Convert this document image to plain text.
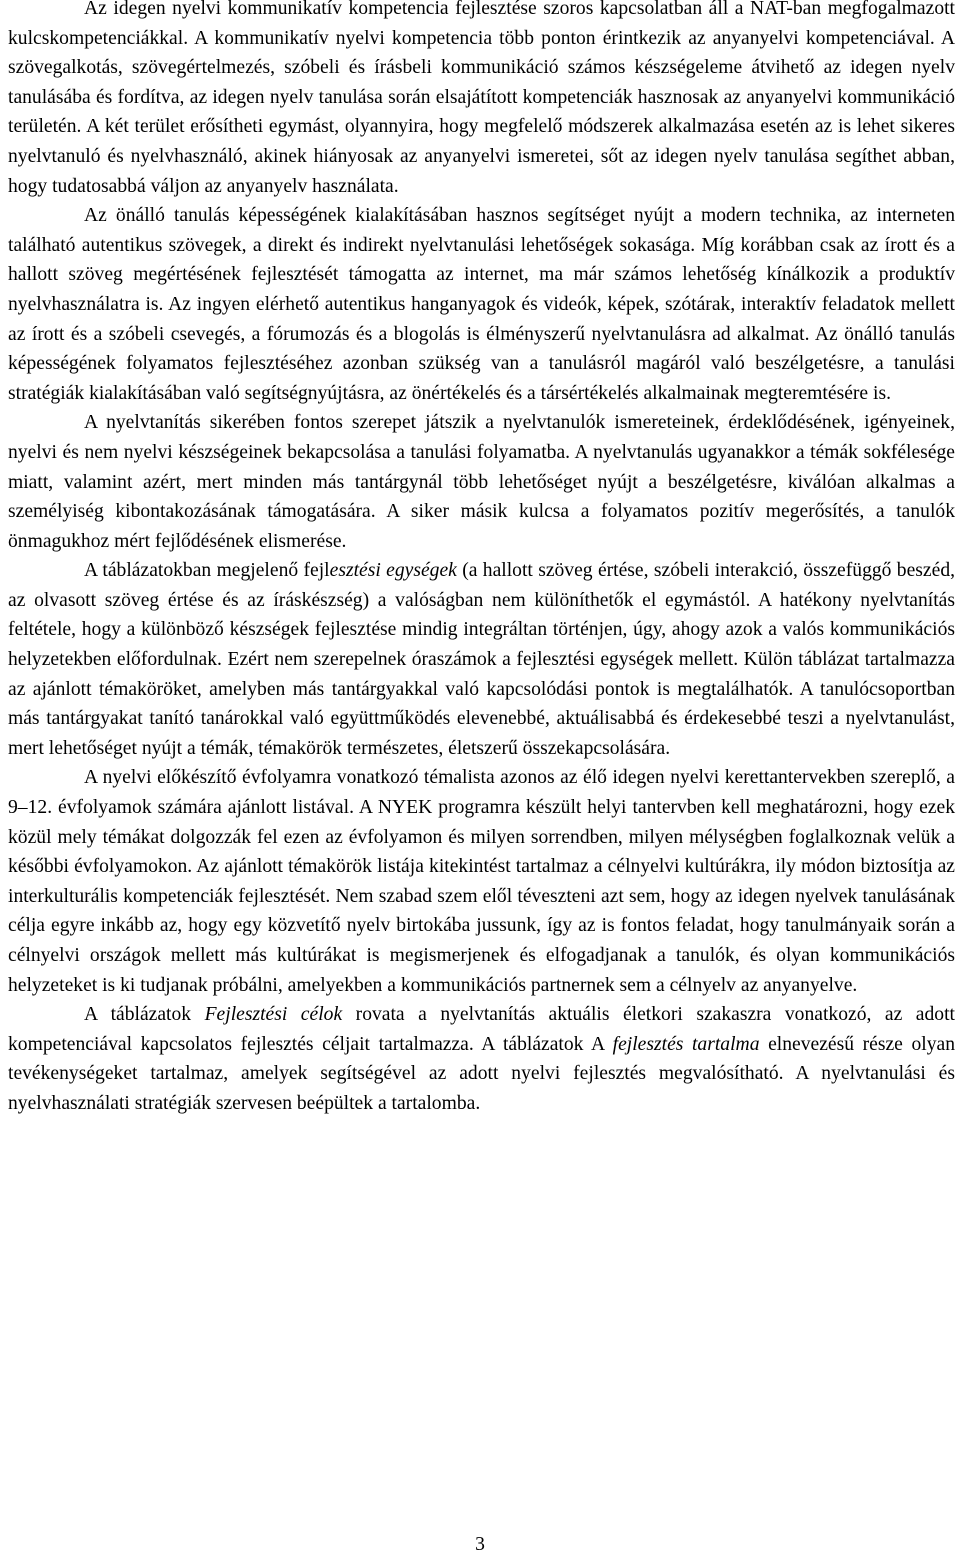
Az idegen nyelvi kommunikatív kompetencia fejlesztése szoros kapcsolatban áll a NAT-ban megfogalmazott kulcskompetenciákkal. A kommunikatív nyelvi kompetencia több ponton érintkezik az anyanyelvi kompetenciával. A szövegalkotás, szövegértelmezés, szóbeli és írásbeli kommunikáció számos készségeleme átvihető az idegen nyelv tanulásába és fordítva, az idegen nyelv tanulása során elsajátított kompetenciák hasznosak az anyanyelvi kommunikáció területén. A két terület erősítheti egymást, olyannyira, hogy megfelelő módszerek alkalmazása esetén az is lehet sikeres nyelvtanuló és nyelvhasználó, akinek hiányosak az anyanyelvi ismeretei, sőt az idegen nyelv tanulása segíthet abban, hogy tudatosabbá váljon az anyanyelv használata.

Az önálló tanulás képességének kialakításában hasznos segítséget nyújt a modern technika, az interneten található autentikus szövegek, a direkt és indirekt nyelvtanulási lehetőségek sokasága. Míg korábban csak az írott és a hallott szöveg megértésének fejlesztését támogatta az internet, ma már számos lehetőség kínálkozik a produktív nyelvhasználatra is. Az ingyen elérhető autentikus hanganyagok és videók, képek, szótárak, interaktív feladatok mellett az írott és a szóbeli csevegés, a fórumozás és a blogolás is élményszerű nyelvtanulásra ad alkalmat. Az önálló tanulás képességének folyamatos fejlesztéséhez azonban szükség van a tanulásról magáról való beszélgetésre, a tanulási stratégiák kialakításában való segítségnyújtásra, az önértékelés és a társértékelés alkalmainak megteremtésére is.

A nyelvtanítás sikerében fontos szerepet játszik a nyelvtanulók ismereteinek, érdeklődésének, igényeinek, nyelvi és nem nyelvi készségeinek bekapcsolása a tanulási folyamatba. A nyelvtanulás ugyanakkor a témák sokfélesége miatt, valamint azért, mert minden más tantárgynál több lehetőséget nyújt a beszélgetésre, kiválóan alkalmas a személyiség kibontakozásának támogatására. A siker másik kulcsa a folyamatos pozitív megerősítés, a tanulók önmagukhoz mért fejlődésének elismerése.

A táblázatokban megjelenő fejlesztési egységek (a hallott szöveg értése, szóbeli interakció, összefüggő beszéd, az olvasott szöveg értése és az íráskészség) a valóságban nem különíthetők el egymástól. A hatékony nyelvtanítás feltétele, hogy a különböző készségek fejlesztése mindig integráltan történjen, úgy, ahogy azok a valós kommunikációs helyzetekben előfordulnak. Ezért nem szerepelnek óraszámok a fejlesztési egységek mellett. Külön táblázat tartalmazza az ajánlott témaköröket, amelyben más tantárgyakkal való kapcsolódási pontok is megtalálhatók. A tanulócsoportban más tantárgyakat tanító tanárokkal való együttműködés elevenebbé, aktuálisabbá és érdekesebbé teszi a nyelvtanulást, mert lehetőséget nyújt a témák, témakörök természetes, életszerű összekapcsolására.

A nyelvi előkészítő évfolyamra vonatkozó témalista azonos az élő idegen nyelvi kerettantervekben szereplő, a 9–12. évfolyamok számára ajánlott listával. A NYEK programra készült helyi tantervben kell meghatározni, hogy ezek közül mely témákat dolgozzák fel ezen az évfolyamon és milyen sorrendben, milyen mélységben foglalkoznak velük a későbbi évfolyamokon. Az ajánlott témakörök listája kitekintést tartalmaz a célnyelvi kultúrákra, ily módon biztosítja az interkulturális kompetenciák fejlesztését. Nem szabad szem elől téveszteni azt sem, hogy az idegen nyelvek tanulásának célja egyre inkább az, hogy egy közvetítő nyelv birtokába jussunk, így az is fontos feladat, hogy tanulmányaik során a célnyelvi országok mellett más kultúrákat is megismerjenek és elfogadjanak a tanulók, és olyan kommunikációs helyzeteket is ki tudjanak próbálni, amelyekben a kommunikációs partnernek sem a célnyelv az anyanyelve.

A táblázatok Fejlesztési célok rovata a nyelvtanítás aktuális életkori szakaszra vonatkozó, az adott kompetenciával kapcsolatos fejlesztés céljait tartalmazza. A táblázatok A fejlesztés tartalma elnevezésű része olyan tevékenységeket tartalmaz, amelyek segítségével az adott nyelvi fejlesztés megvalósítható. A nyelvtanulási és nyelvhasználati stratégiák szervesen beépültek a tartalomba.

3
